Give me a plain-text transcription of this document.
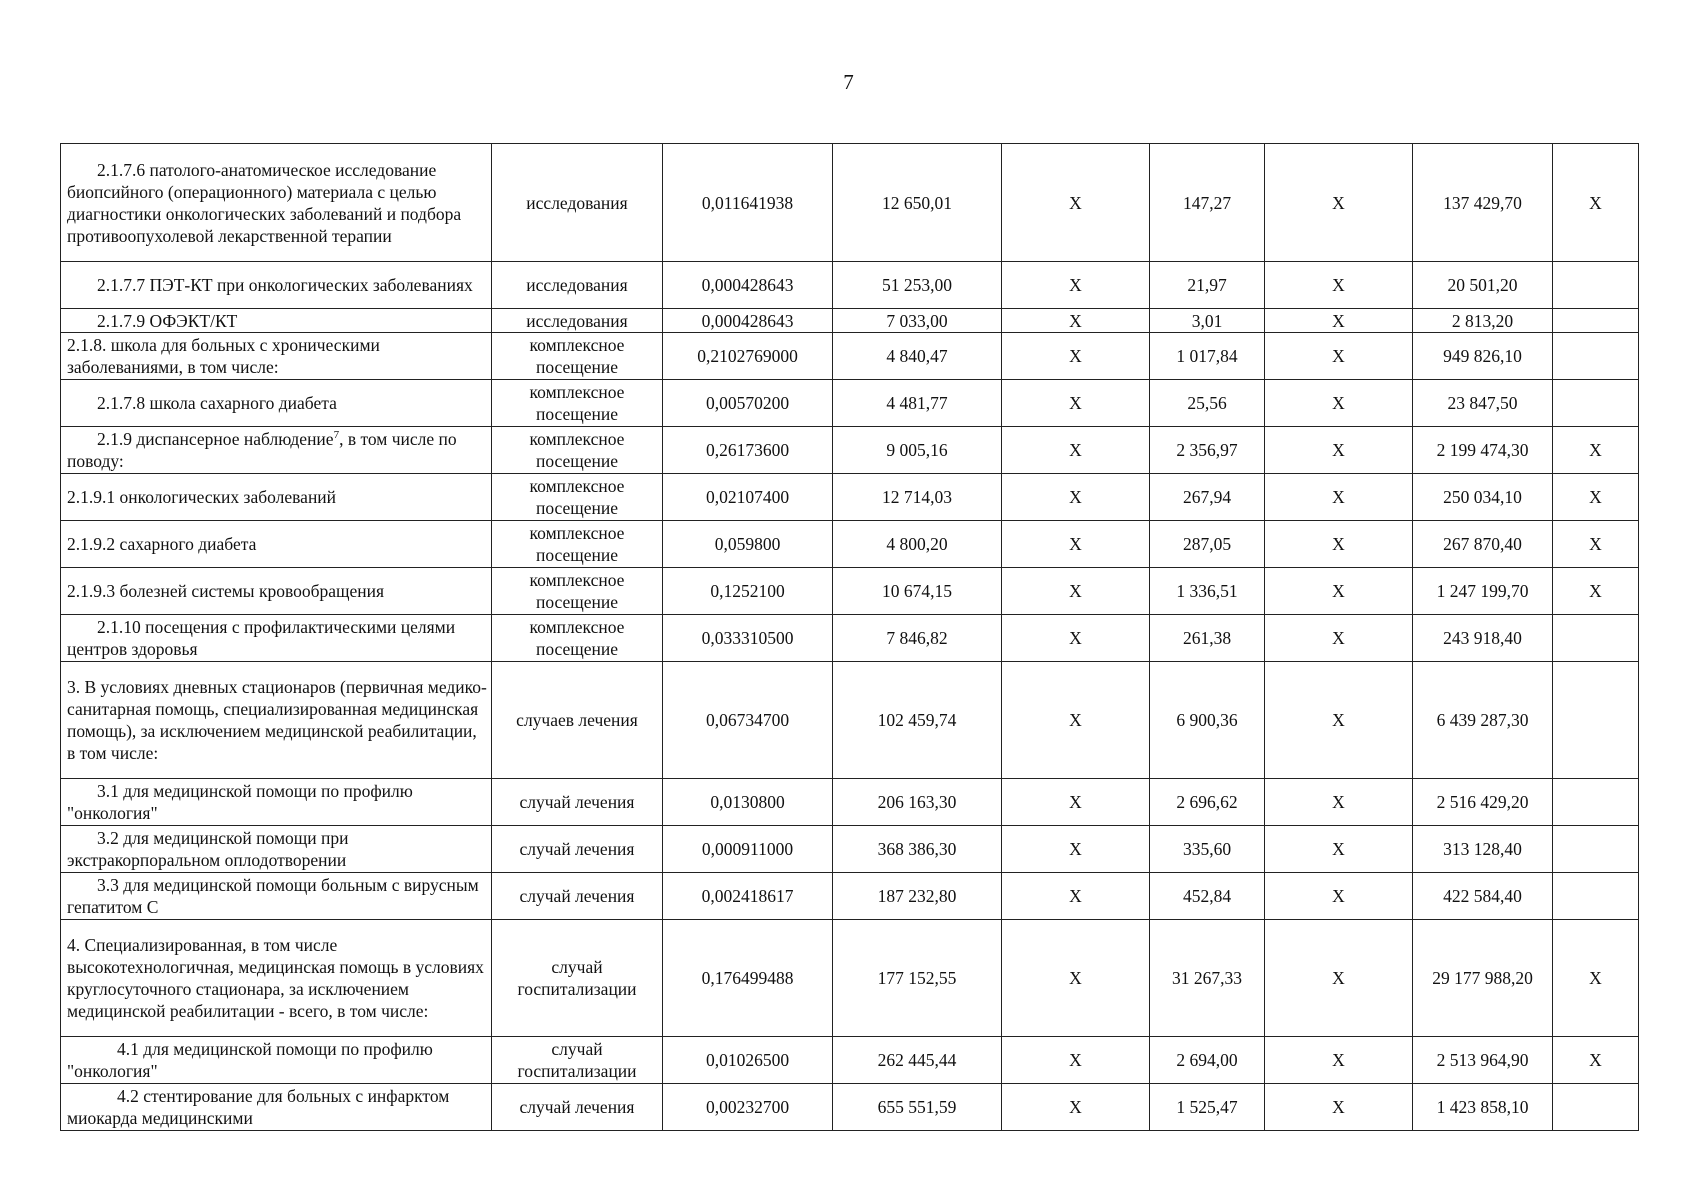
7
2.1.7.6 патолого-анатомическое исследование биопсийного (операционного) материала с целью диагностики онкологических заболеваний и подбора противоопухолевой лекарственной терапии	исследования	0,011641938	12 650,01	Х	147,27	Х	137 429,70	Х
2.1.7.7 ПЭТ-КТ при онкологических заболеваниях	исследования	0,000428643	51 253,00	Х	21,97	Х	20 501,20	
2.1.7.9 ОФЭКТ/КТ	исследования	0,000428643	7 033,00	Х	3,01	Х	2 813,20	
2.1.8. школа для больных с хроническими заболеваниями, в том числе:	комплексное посещение	0,2102769000	4 840,47	Х	1 017,84	Х	949 826,10	
2.1.7.8 школа сахарного диабета	комплексное посещение	0,00570200	4 481,77	Х	25,56	Х	23 847,50	
2.1.9 диспансерное наблюдение$^7$, в том числе по поводу:	комплексное посещение	0,26173600	9 005,16	Х	2 356,97	Х	2 199 474,30	Х
2.1.9.1 онкологических заболеваний	комплексное посещение	0,02107400	12 714,03	Х	267,94	Х	250 034,10	Х
2.1.9.2 сахарного диабета	комплексное посещение	0,059800	4 800,20	Х	287,05	Х	267 870,40	Х
2.1.9.3 болезней системы кровообращения	комплексное посещение	0,1252100	10 674,15	Х	1 336,51	Х	1 247 199,70	Х
2.1.10 посещения с профилактическими целями центров здоровья	комплексное посещение	0,033310500	7 846,82	Х	261,38	Х	243 918,40	
3. В условиях дневных стационаров (первичная медико-санитарная помощь, специализированная медицинская помощь), за исключением медицинской реабилитации, в том числе:	случаев лечения	0,06734700	102 459,74	Х	6 900,36	Х	6 439 287,30	
3.1 для медицинской помощи по профилю "онкология"	случай лечения	0,0130800	206 163,30	Х	2 696,62	Х	2 516 429,20	
3.2 для медицинской помощи при экстракорпоральном оплодотворении	случай лечения	0,000911000	368 386,30	Х	335,60	Х	313 128,40	
3.3 для медицинской помощи больным с вирусным гепатитом С	случай лечения	0,002418617	187 232,80	Х	452,84	Х	422 584,40	
4. Специализированная, в том числе высокотехнологичная, медицинская помощь в условиях круглосуточного стационара, за исключением медицинской реабилитации - всего, в том числе:	случай госпитализации	0,176499488	177 152,55	Х	31 267,33	Х	29 177 988,20	Х
4.1 для медицинской помощи по профилю "онкология"	случай госпитализации	0,01026500	262 445,44	Х	2 694,00	Х	2 513 964,90	Х
4.2 стентирование для больных с инфарктом миокарда медицинскими	случай лечения	0,00232700	655 551,59	Х	1 525,47	Х	1 423 858,10	
